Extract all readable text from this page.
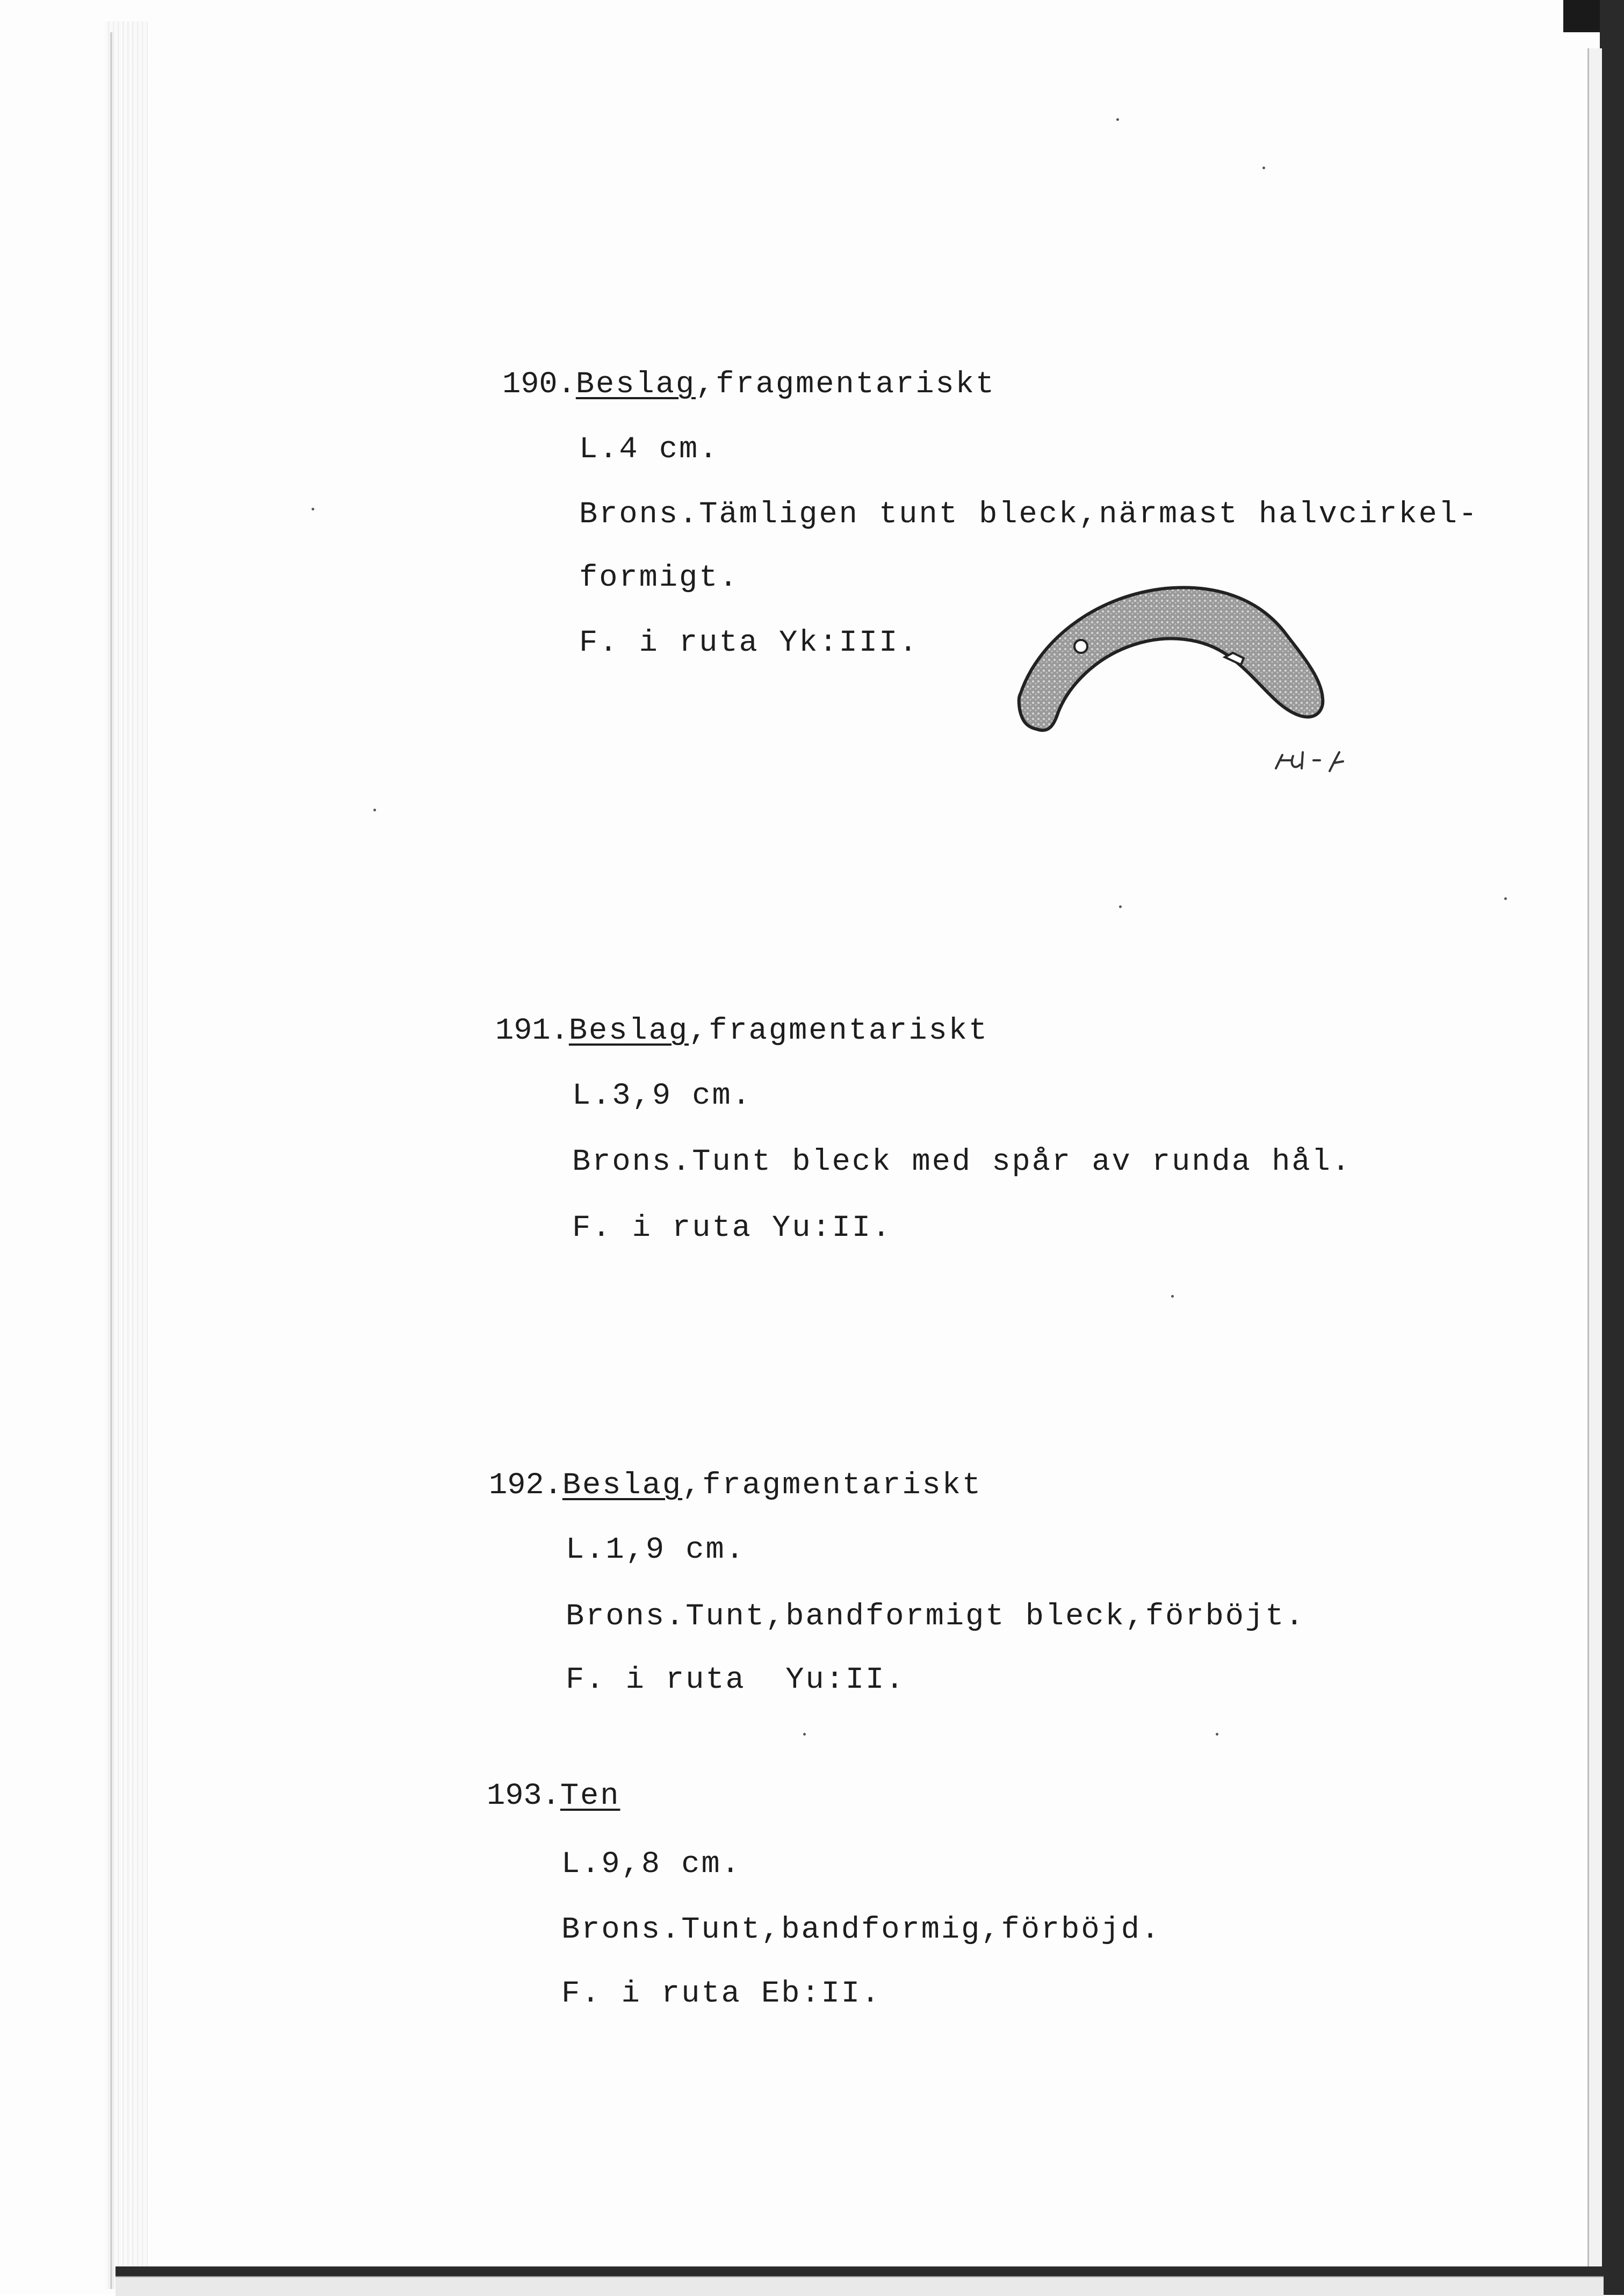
190.Beslag,fragmentariskt
L.4 cm.
Brons.Tämligen tunt bleck,närmast halvcirkel-
formigt.
F. i ruta Yk:III.
191.Beslag,fragmentariskt
L.3,9 cm.
Brons.Tunt bleck med spår av runda hål.
F. i ruta Yu:II.
192.Beslag,fragmentariskt
L.1,9 cm.
Brons.Tunt,bandformigt bleck,förböjt.
F. i ruta  Yu:II.
193.Ten
L.9,8 cm.
Brons.Tunt,bandformig,förböjd.
F. i ruta Eb:II.
